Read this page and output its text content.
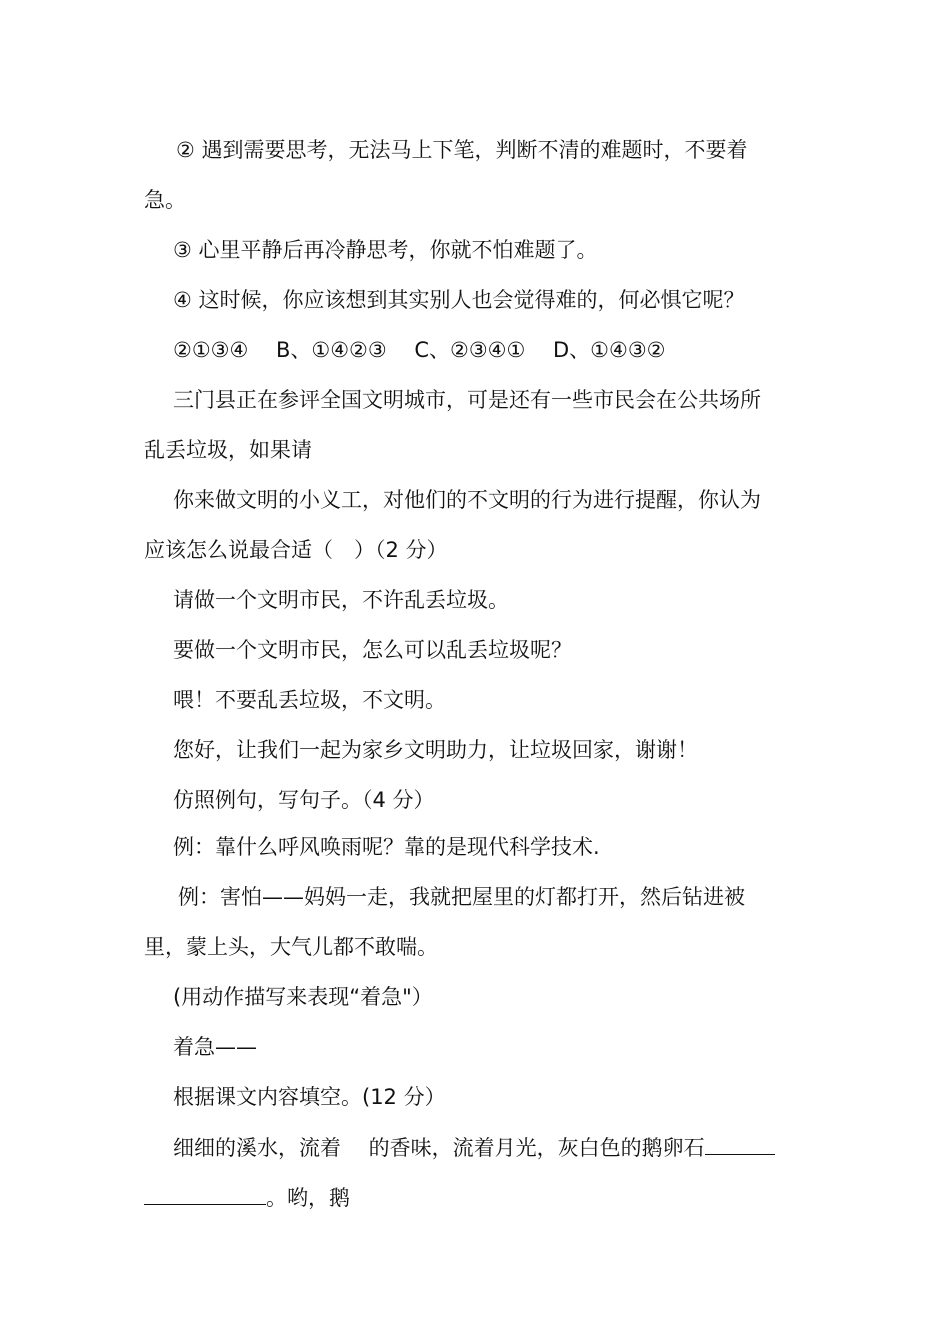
② 遇到需要思考，无法马上下笔，判断不清的难题时，不要着
急。
③ 心里平静后再冷静思考，你就不怕难题了。
④ 这时候，你应该想到其实别人也会觉得难的，何必惧它呢？
②①③④　 B、①④②③　 C、②③④①　 D、①④③②
三门县正在参评全国文明城市，可是还有一些市民会在公共场所
乱丢垃圾，如果请
你来做文明的小义工，对他们的不文明的行为进行提醒，你认为
应该怎么说最合适（　）（2 分）
请做一个文明市民，不许乱丢垃圾。
要做一个文明市民，怎么可以乱丢垃圾呢？
喂！不要乱丢垃圾，不文明。
您好，让我们一起为家乡文明助力，让垃圾回家，谢谢！
仿照例句，写句子。（4 分）
例：靠什么呼风唤雨呢？靠的是现代科学技术.
例：害怕——妈妈一走，我就把屋里的灯都打开，然后钻进被
里，蒙上头，大气儿都不敢喘。
(用动作描写来表现“着急"）
着急——
根据课文内容填空。(12 分）
细细的溪水，流着　 的香味，流着月光，灰白色的鹅卵石
。哟，鹅
